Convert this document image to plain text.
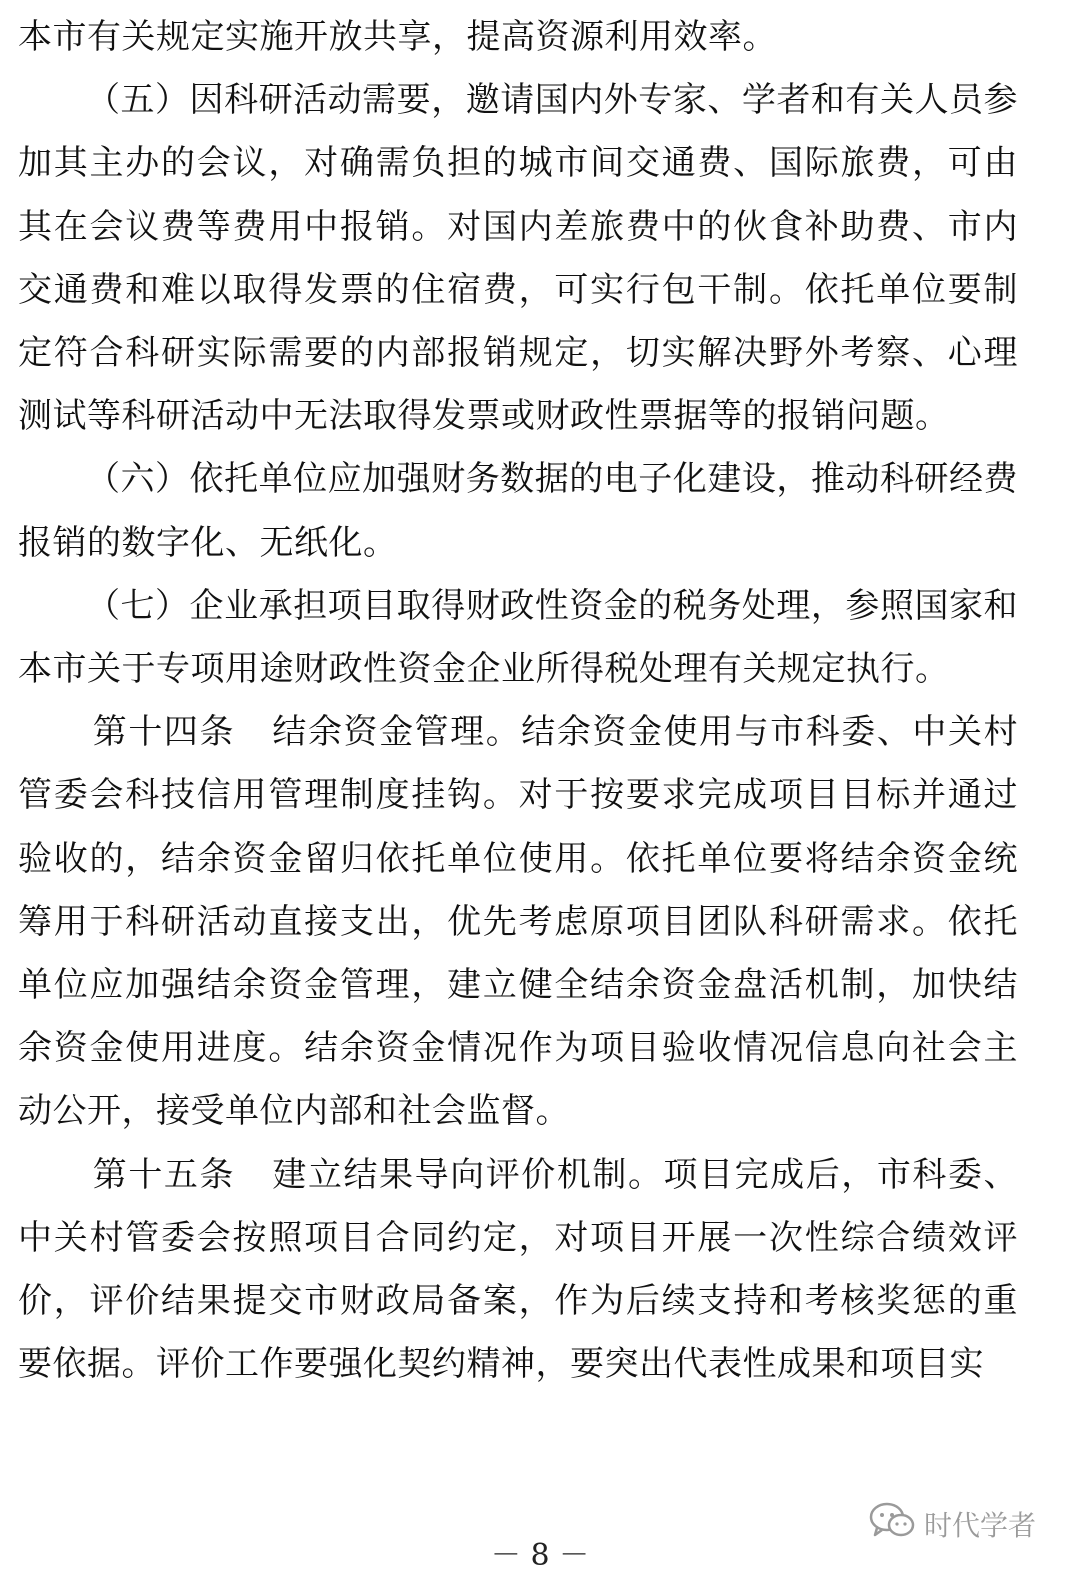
本市有关规定实施开放共享，提高资源利用效率。

（五）因科研活动需要，邀请国内外专家、学者和有关人员参加其主办的会议，对确需负担的城市间交通费、国际旅费，可由其在会议费等费用中报销。对国内差旅费中的伙食补助费、市内交通费和难以取得发票的住宿费，可实行包干制。依托单位要制定符合科研实际需要的内部报销规定，切实解决野外考察、心理测试等科研活动中无法取得发票或财政性票据等的报销问题。

（六）依托单位应加强财务数据的电子化建设，推动科研经费报销的数字化、无纸化。

（七）企业承担项目取得财政性资金的税务处理，参照国家和本市关于专项用途财政性资金企业所得税处理有关规定执行。

第十四条 结余资金管理。结余资金使用与市科委、中关村管委会科技信用管理制度挂钩。对于按要求完成项目目标并通过验收的，结余资金留归依托单位使用。依托单位要将结余资金统筹用于科研活动直接支出，优先考虑原项目团队科研需求。依托单位应加强结余资金管理，建立健全结余资金盘活机制，加快结余资金使用进度。结余资金情况作为项目验收情况信息向社会主动公开，接受单位内部和社会监督。

第十五条 建立结果导向评价机制。项目完成后，市科委、中关村管委会按照项目合同约定，对项目开展一次性综合绩效评价，评价结果提交市财政局备案，作为后续支持和考核奖惩的重要依据。评价工作要强化契约精神，要突出代表性成果和项目实

时代学者
－ 8 －
